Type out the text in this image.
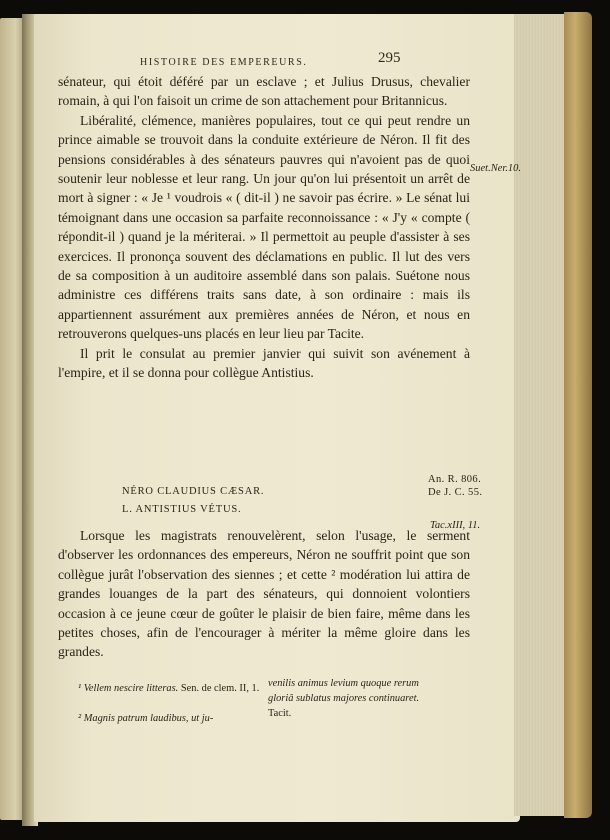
HISTOIRE DES EMPEREURS.	295

sénateur, qui étoit déféré par un esclave ; et Julius Drusus, chevalier romain, à qui l'on faisoit un crime de son attachement pour Britannicus.

Libéralité, clémence, manières populaires, tout ce qui peut rendre un prince aimable se trouvoit dans la conduite extérieure de Néron. Il fit des pensions considérables à des sénateurs pauvres qui n'avoient pas de quoi soutenir leur noblesse et leur rang. Un jour qu'on lui présentoit un arrêt de mort à signer : « Je ¹ voudrois « ( dit-il ) ne savoir pas écrire. » Le sénat lui témoignant dans une occasion sa parfaite reconnoissance : « J'y « compte ( répondit-il ) quand je la mériterai. » Il permettoit au peuple d'assister à ses exercices. Il prononça souvent des déclamations en public. Il lut des vers de sa composition à un auditoire assemblé dans son palais. Suétone nous administre ces différens traits sans date, à son ordinaire : mais ils appartiennent assurément aux premières années de Néron, et nous en retrouverons quelques-uns placés en leur lieu par Tacite.

Il prit le consulat au premier janvier qui suivit son avénement à l'empire, et il se donna pour collègue Antistius.

Suet.Ner.10.
NÉRO CLAUDIUS CÆSAR.
L. ANTISTIUS VÉTUS.
An. R. 806.
De J. C. 55.

Lorsque les magistrats renouvelèrent, selon l'usage, le serment d'observer les ordonnances des empereurs, Néron ne souffrit point que son collègue jurât l'observation des siennes ; et cette ² modération lui attira de grandes louanges de la part des sénateurs, qui donnoient volontiers occasion à ce jeune cœur de goûter le plaisir de bien faire, même dans les petites choses, afin de l'encourager à mériter la même gloire dans les grandes.

Tac.xIII, 11.
¹ Vellem nescire litteras. Sen. de clem. II, 1.
² Magnis patrum laudibus, ut ju-
venilis animus levium quoque rerum gloriâ sublatus majores continuaret.
Tacit.
